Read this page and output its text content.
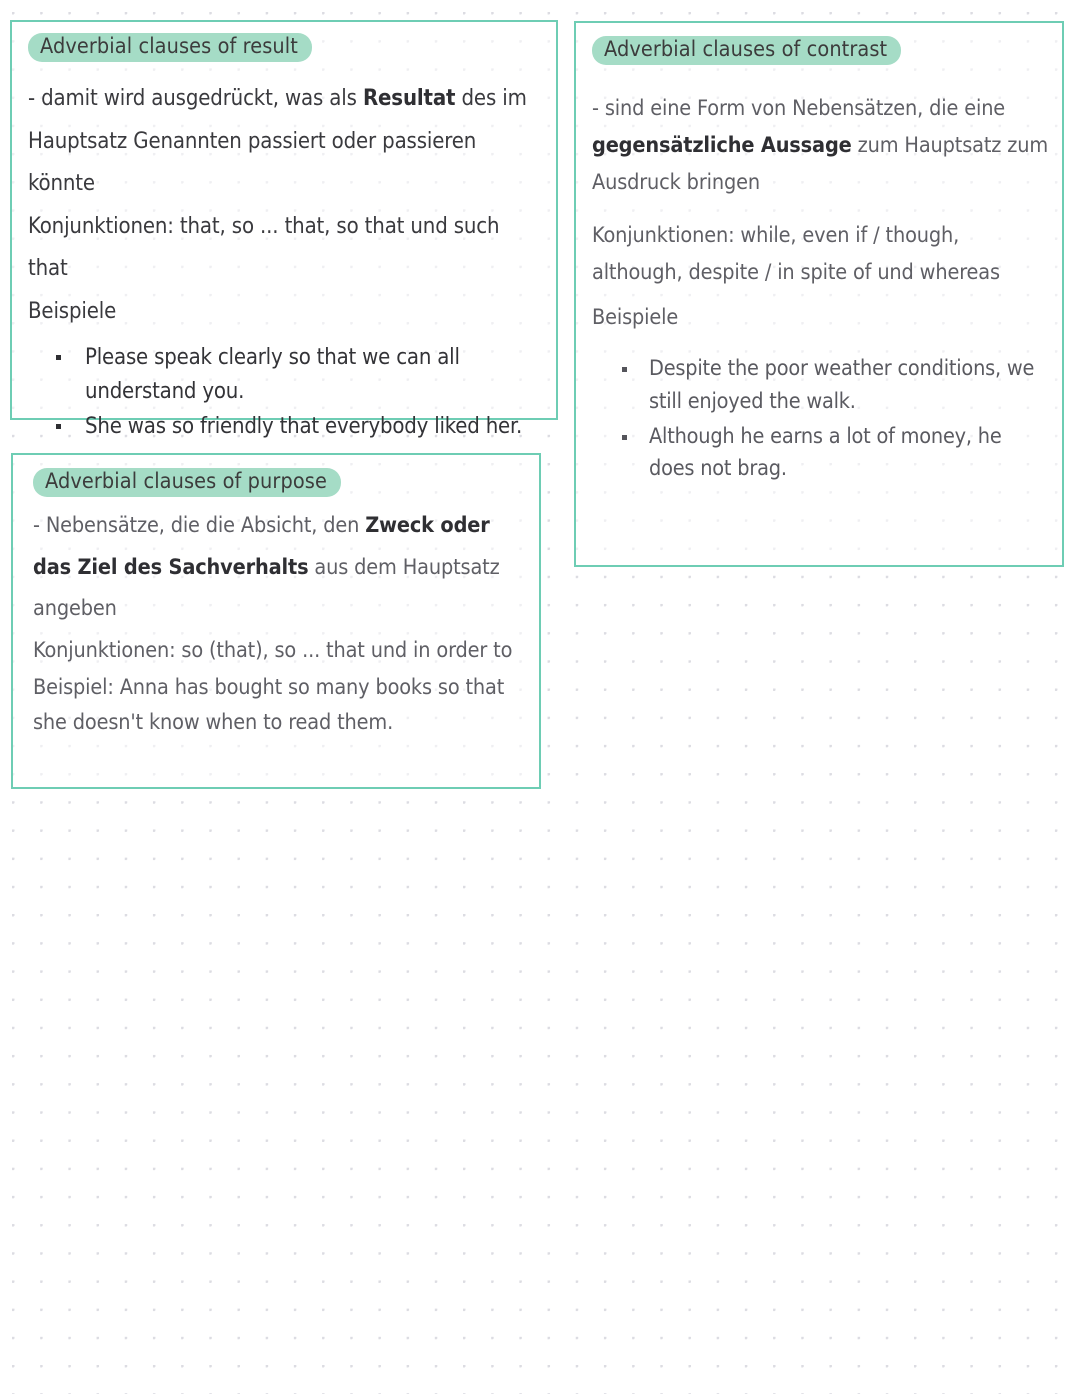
Adverbial clauses of result

- damit wird ausgedrückt, was als Resultat des im Hauptsatz Genannten passiert oder passieren könnte

Konjunktionen: that, so ... that, so that und such that

Beispiele

Please speak clearly so that we can all understand you.
She was so friendly that everybody liked her.
Adverbial clauses of purpose

- Nebensätze, die die Absicht, den Zweck oder das Ziel des Sachverhalts aus dem Hauptsatz angeben

Konjunktionen: so (that), so ... that und in order to

Beispiel: Anna has bought so many books so that she doesn't know when to read them.

Adverbial clauses of contrast

- sind eine Form von Nebensätzen, die eine gegensätzliche Aussage zum Hauptsatz zum Ausdruck bringen

Konjunktionen: while, even if / though, although, despite / in spite of und whereas

Beispiele

Despite the poor weather conditions, we still enjoyed the walk.
Although he earns a lot of money, he does not brag.
